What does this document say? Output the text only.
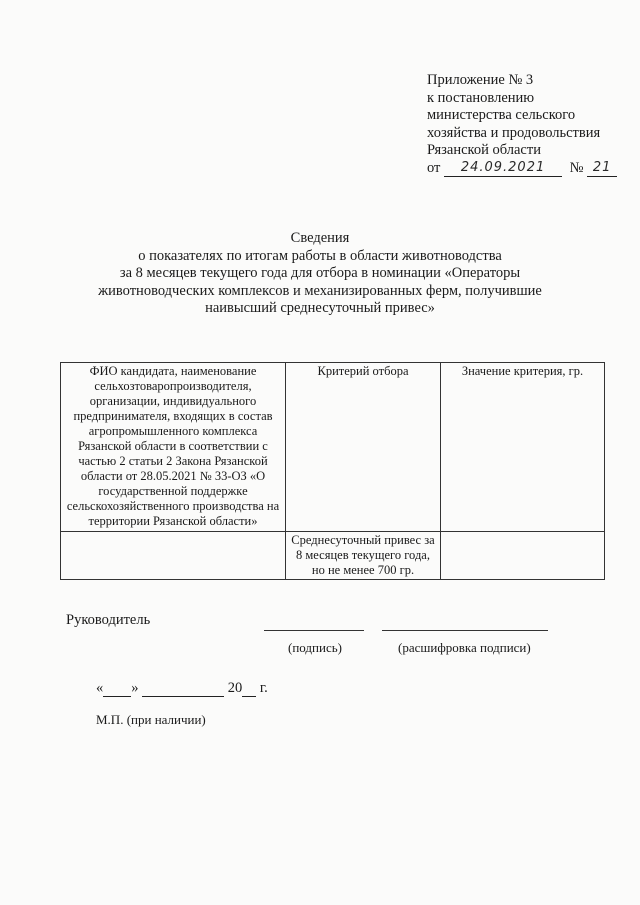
Приложение № 3
к постановлению
министерства сельского
хозяйства и продовольствия
Рязанской области
от 24.09.2021 № 21
Сведения
о показателях по итогам работы в области животноводства
за 8 месяцев текущего года для отбора в номинации «Операторы
животноводческих комплексов и механизированных ферм, получившие
наивысший среднесуточный привес»
ФИО кандидата, наименование сельхозтоваропроизводителя, организации, индивидуального предпринимателя, входящих в состав агропромышленного комплекса Рязанской области в соответствии с частью 2 статьи 2 Закона Рязанской области от 28.05.2021 № 33-ОЗ «О государственной поддержке сельскохозяйственного производства на территории Рязанской области»	Критерий отбора	Значение критерия, гр.
	Среднесуточный привес за 8 месяцев текущего года, но не менее 700 гр.	
Руководитель
(подпись)	(расшифровка подписи)
« »	20 г.
М.П. (при наличии)
